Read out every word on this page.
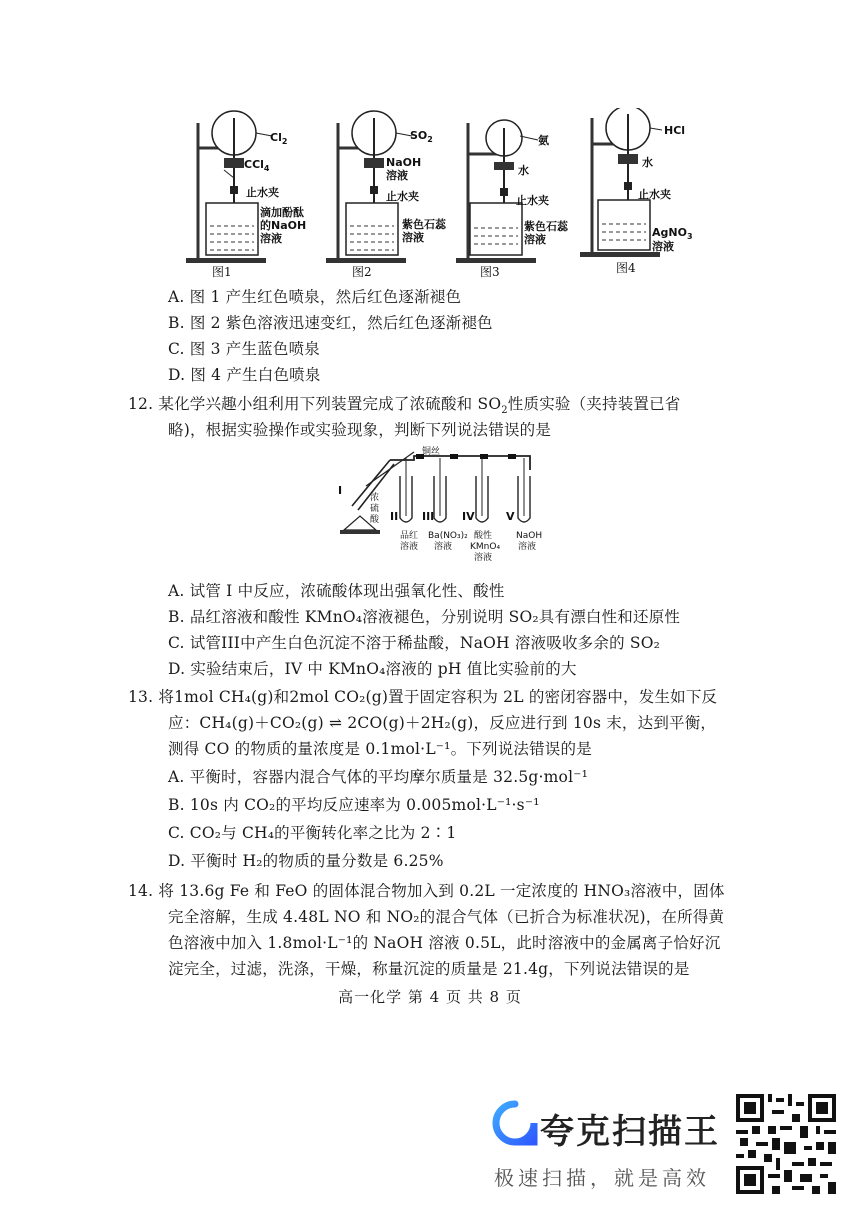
$Cl_2$
CCl$_4$
止水夹
滴加酚酞
的NaOH
溶液
图1
$SO_2$
NaOH
溶液
止水夹
紫色石蕊
溶液
图2
氨
水
止水夹
紫色石蕊
溶液
图3
HCl
水
止水夹
AgNO$_3$
溶液
图4
A. 图 1 产生红色喷泉，然后红色逐渐褪色
B. 图 2 紫色溶液迅速变红，然后红色逐渐褪色
C. 图 3 产生蓝色喷泉
D. 图 4 产生白色喷泉
12. 某化学兴趣小组利用下列装置完成了浓硫酸和 $SO_2$性质实验（夹持装置已省
略)，根据实验操作或实验现象，判断下列说法错误的是
铜丝
I
浓
硫
酸 II
品红
溶液
III
Ba(NO₃)₂
溶液
IV
酸性
KMnO₄
溶液
V
NaOH
溶液
A. 试管 I 中反应，浓硫酸体现出强氧化性、酸性
B. 品红溶液和酸性 KMnO₄溶液褪色，分别说明 SO₂具有漂白性和还原性
C. 试管III中产生白色沉淀不溶于稀盐酸，NaOH 溶液吸收多余的 SO₂
D. 实验结束后，IV 中 KMnO₄溶液的 pH 值比实验前的大
13. 将1mol CH₄(g)和2mol CO₂(g)置于固定容积为 2L 的密闭容器中，发生如下反
应：CH₄(g)＋CO₂(g) ⇌ 2CO(g)＋2H₂(g)，反应进行到 10s 末，达到平衡，
测得 CO 的物质的量浓度是 0.1mol·L⁻¹。下列说法错误的是
A. 平衡时，容器内混合气体的平均摩尔质量是 32.5g·mol⁻¹
B. 10s 内 CO₂的平均反应速率为 0.005mol·L⁻¹·s⁻¹
C. CO₂与 CH₄的平衡转化率之比为 2∶1
D. 平衡时 H₂的物质的量分数是 6.25%
14. 将 13.6g Fe 和 FeO 的固体混合物加入到 0.2L 一定浓度的 HNO₃溶液中，固体
完全溶解，生成 4.48L NO 和 NO₂的混合气体（已折合为标准状况)，在所得黄
色溶液中加入 1.8mol·L⁻¹的 NaOH 溶液 0.5L，此时溶液中的金属离子恰好沉
淀完全，过滤，洗涤，干燥，称量沉淀的质量是 21.4g，下列说法错误的是
高一化学 第 4 页 共 8 页
夸克扫描王
极速扫描，就是高效
